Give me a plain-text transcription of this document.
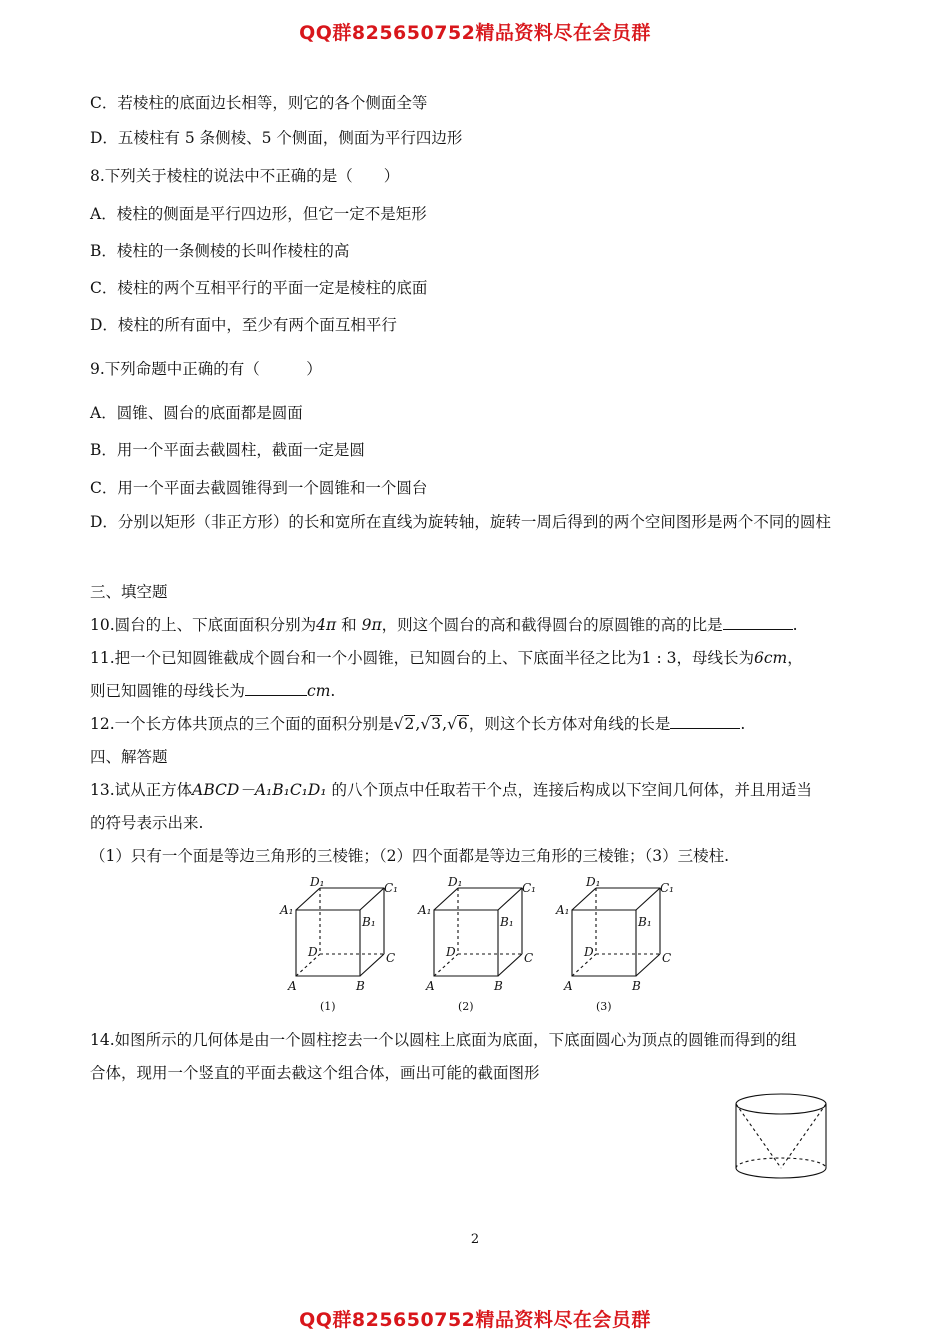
QQ群825650752精品资料尽在会员群
C．若棱柱的底面边长相等，则它的各个侧面全等
D．五棱柱有 5 条侧棱、5 个侧面，侧面为平行四边形
8.下列关于棱柱的说法中不正确的是（　　）
A．棱柱的侧面是平行四边形，但它一定不是矩形
B．棱柱的一条侧棱的长叫作棱柱的高
C．棱柱的两个互相平行的平面一定是棱柱的底面
D．棱柱的所有面中，至少有两个面互相平行
9.下列命题中正确的有（　　　）
A．圆锥、圆台的底面都是圆面
B．用一个平面去截圆柱，截面一定是圆
C．用一个平面去截圆锥得到一个圆锥和一个圆台
D．分别以矩形（非正方形）的长和宽所在直线为旋转轴，旋转一周后得到的两个空间图形是两个不同的圆柱
三、填空题
10.圆台的上、下底面面积分别为4π 和 9π，则这个圆台的高和截得圆台的原圆锥的高的比是	.
11.把一个已知圆锥截成个圆台和一个小圆锥，已知圆台的上、下底面半径之比为1 : 3，母线长为6cm，
则已知圆锥的母线长为	cm.
12.一个长方体共顶点的三个面的面积分别是√2,√3,√6，则这个长方体对角线的长是	.
四、解答题
13.试从正方体ABCD－A₁B₁C₁D₁ 的八个顶点中任取若干个点，连接后构成以下空间几何体，并且用适当
的符号表示出来.
（1）只有一个面是等边三角形的三棱锥；（2）四个面都是等边三角形的三棱锥；（3）三棱柱.
D₁	C₁
A₁
B₁
D	C
A	B
(1)
D₁	C₁
A₁
B₁
D	C
A	B
(2)
D₁	C₁
A₁
B₁
D	C
A	B
(3)
14.如图所示的几何体是由一个圆柱挖去一个以圆柱上底面为底面，下底面圆心为顶点的圆锥而得到的组
合体，现用一个竖直的平面去截这个组合体，画出可能的截面图形
2
QQ群825650752精品资料尽在会员群
